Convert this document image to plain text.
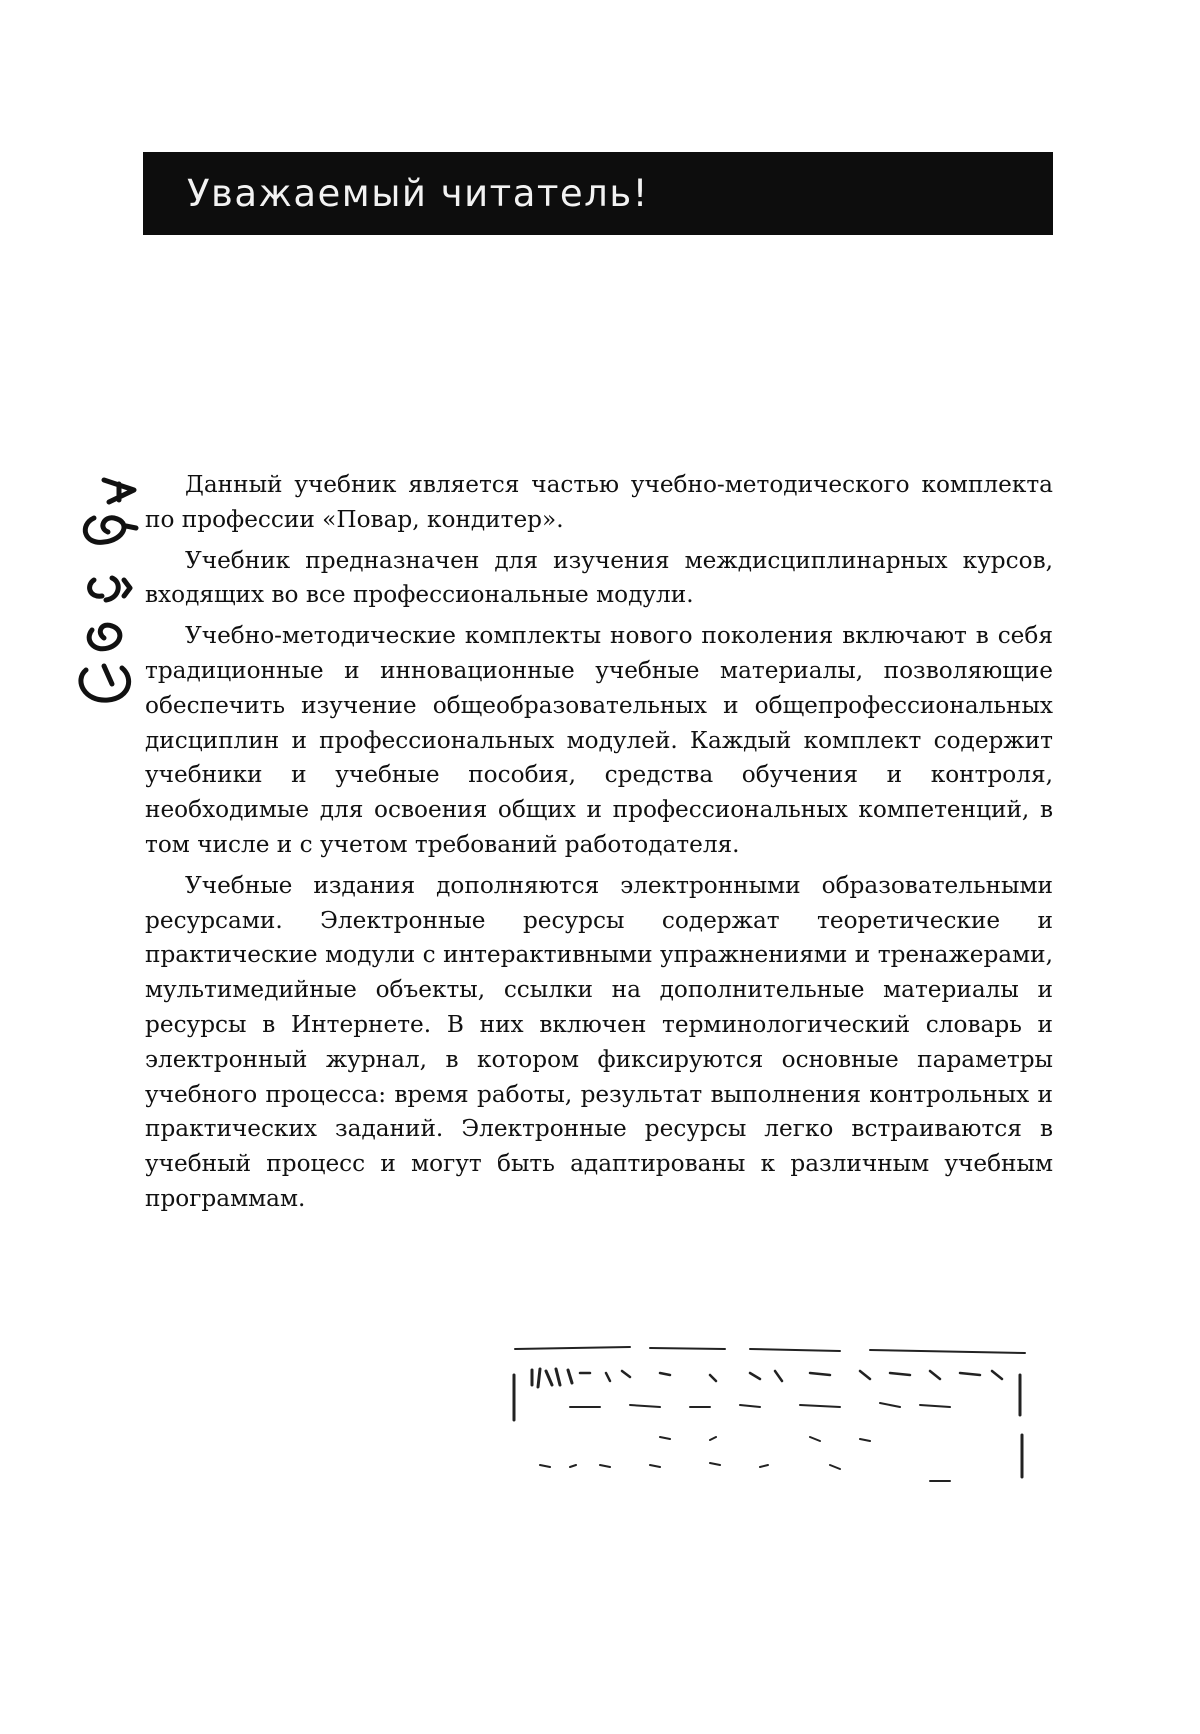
Уважаемый читатель!

Данный учебник является частью учебно-методического комплекта по профессии «Повар, кондитер».

Учебник предназначен для изучения междисциплинарных курсов, входящих во все профессиональные модули.

Учебно-методические комплекты нового поколения включают в себя традиционные и инновационные учебные материалы, позволяющие обеспечить изучение общеобразовательных и общепрофессиональных дисциплин и профессиональных модулей. Каждый комплект содержит учебники и учебные пособия, средства обучения и контроля, необходимые для освоения общих и профессиональных компетенций, в том числе и с учетом требований работодателя.

Учебные издания дополняются электронными образовательными ресурсами. Электронные ресурсы содержат теоретические и практические модули с интерактивными упражнениями и тренажерами, мультимедийные объекты, ссылки на дополнительные материалы и ресурсы в Интернете. В них включен терминологический словарь и электронный журнал, в котором фиксируются основные параметры учебного процесса: время работы, результат выполнения контрольных и практических заданий. Электронные ресурсы легко встраиваются в учебный процесс и могут быть адаптированы к различным учебным программам.
